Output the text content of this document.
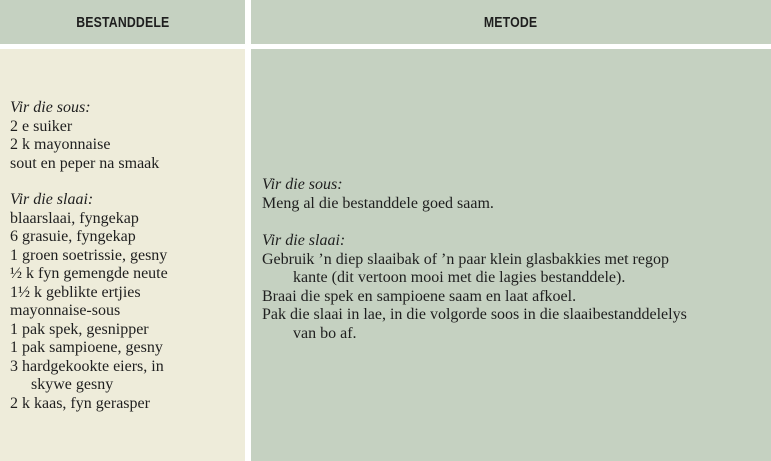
BESTANDDELE	METODE
Vir die sous:
2 e suiker
2 k mayonnaise
sout en peper na smaak
Vir die slaai:
blaarslaai, fyngekap
6 grasuie, fyngekap
1 groen soetrissie, gesny
½ k fyn gemengde neute
1½ k geblikte ertjies
mayonnaise-sous
1 pak spek, gesnipper
1 pak sampioene, gesny
3 hardgekookte eiers, in
skywe gesny
2 k kaas, fyn gerasper
Vir die sous:
Meng al die bestanddele goed saam.
Vir die slaai:
Gebruik ’n diep slaaibak of ’n paar klein glasbakkies met regop
kante (dit vertoon mooi met die lagies bestanddele).
Braai die spek en sampioene saam en laat afkoel.
Pak die slaai in lae, in die volgorde soos in die slaaibestanddelelys
van bo af.
